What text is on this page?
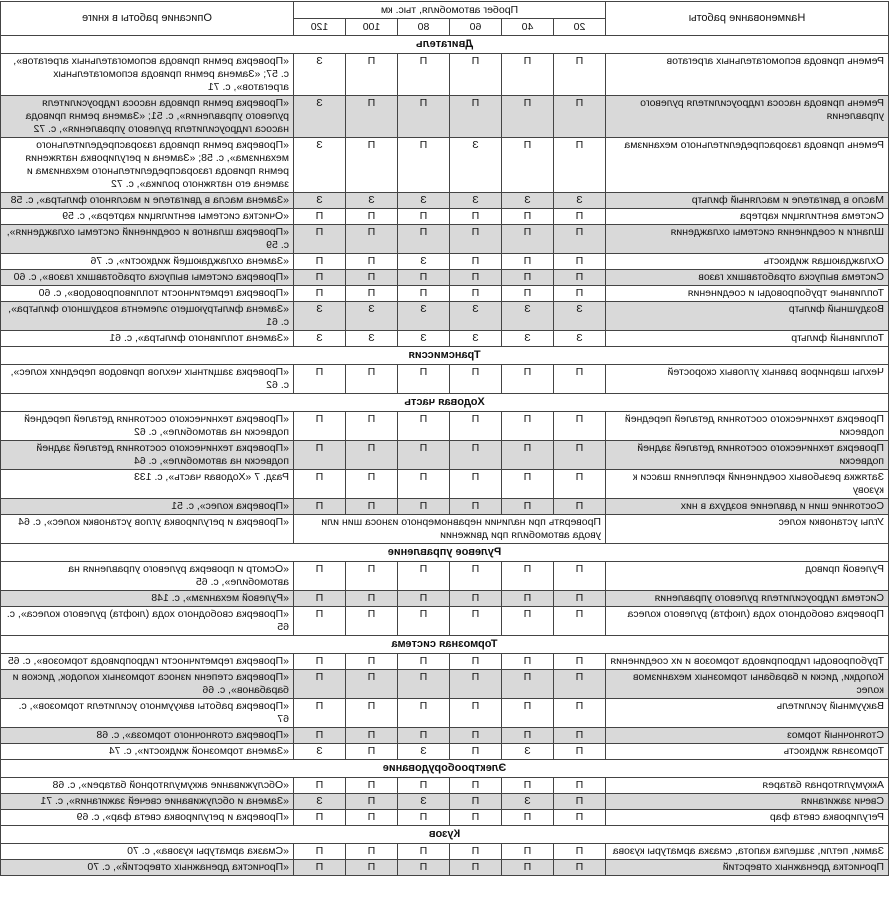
Наименование работы	Пробег автомобиля, тыс. км						Описание работы в книге
	20	40	60	80	100	120	
Двигатель							
Ремень привода вспомогательных агрегатов	П	П	П	П	П	З	«Проверка ремня привода вспомогательных агрегатов», с. 57; «Замена ремня привода вспомогательных агрегатов», с. 71
Ремень привода насоса гидроусилителя рулевого управления	П	П	П	П	П	З	«Проверка ремня привода насоса гидроусилителя рулевого управления», с. 51; «Замена ремня привода насоса гидроусилителя рулевого управления», с. 72
Ремень привода газораспределительного механизма	П	П	З	П	П	З	«Проверка ремня привода газораспределительного механизма», с. 58; «Замена и регулировка натяжения ремня привода газораспределительного механизма и замена его натяжного ролика», с. 72
Масло в двигателе и масляный фильтр	З	З	З	З	З	З	«Замена масла в двигателе и масляного фильтра», с. 58
Система вентиляции картера	П	П	П	П	П	П	«Очистка системы вентиляции картера», с. 59
Шланги и соединения системы охлаждения	П	П	П	П	П	П	«Проверка шлангов и соединений системы охлаждения», с. 59
Охлаждающая жидкость	П	П	П	З	П	П	«Замена охлаждающей жидкости», с. 76
Система выпуска отработавших газов	П	П	П	П	П	П	«Проверка системы выпуска отработавших газов», с. 60
Топливные трубопроводы и соединения	П	П	П	П	П	П	«Проверка герметичности топливопроводов», с. 60
Воздушный фильтр	З	З	З	З	З	З	«Замена фильтрующего элемента воздушного фильтра», с. 61
Топливный фильтр	З	З	З	З	З	З	«Замена топливного фильтра», с. 61
Трансмиссия							
Чехлы шарниров равных угловых скоростей	П	П	П	П	П	П	«Проверка защитных чехлов приводов передних колес», с. 62
Ходовая часть							
Проверка технического состояния деталей передней подвески	П	П	П	П	П	П	«Проверка технического состояния деталей передней подвески на автомобиле», с. 62
Проверка технического состояния деталей задней подвески	П	П	П	П	П	П	«Проверка технического состояния деталей задней подвески на автомобиле», с. 64
Затяжка резьбовых соединений крепления шасси к кузову	П	П	П	П	П	П	Разд. 7 «Ходовая часть», с. 133
Состояние шин и давление воздуха в них	П	П	П	П	П	П	«Проверка колес», с. 51
Углы установки колес	Проверять при наличии неравномерного износа шин или увода автомобиля при движении						«Проверка и регулировка углов установки колес», с. 64
Рулевое управление							
Рулевой привод	П	П	П	П	П	П	«Осмотр и проверка рулевого управления на автомобиле», с. 65
Система гидроусилителя рулевого управления	П	П	П	П	П	П	«Рулевой механизм», с. 148
Проверка свободного хода (люфта) рулевого колеса	П	П	П	П	П	П	«Проверка свободного хода (люфта) рулевого колеса», с. 65
Тормозная система							
Трубопроводы гидропривода тормозов и их соединения	П	П	П	П	П	П	«Проверка герметичности гидропривода тормозов», с. 65
Колодки, диски и барабаны тормозных механизмов колес	П	П	П	П	П	П	«Проверка степени износа тормозных колодок, дисков и барабанов», с. 66
Вакуумный усилитель	П	П	П	П	П	П	«Проверка работы вакуумного усилителя тормозов», с. 67
Стояночный тормоз	П	П	П	П	П	П	«Проверка стояночного тормоза», с. 68
Тормозная жидкость	П	З	П	З	П	З	«Замена тормозной жидкости», с. 74
Электрооборудование							
Аккумуляторная батарея	П	П	П	П	П	П	«Обслуживание аккумуляторной батареи», с. 68
Свечи зажигания	П	З	П	З	П	З	«Замена и обслуживание свечей зажигания», с. 71
Регулировка света фар	П	П	П	П	П	П	«Проверка и регулировка света фар», с. 69
Кузов							
Замки, петли, защелка капота, смазка арматуры кузова	П	П	П	П	П	П	«Смазка арматуры кузова», с. 70
Прочистка дренажных отверстий	П	П	П	П	П	П	«Прочистка дренажных отверстий», с. 70
